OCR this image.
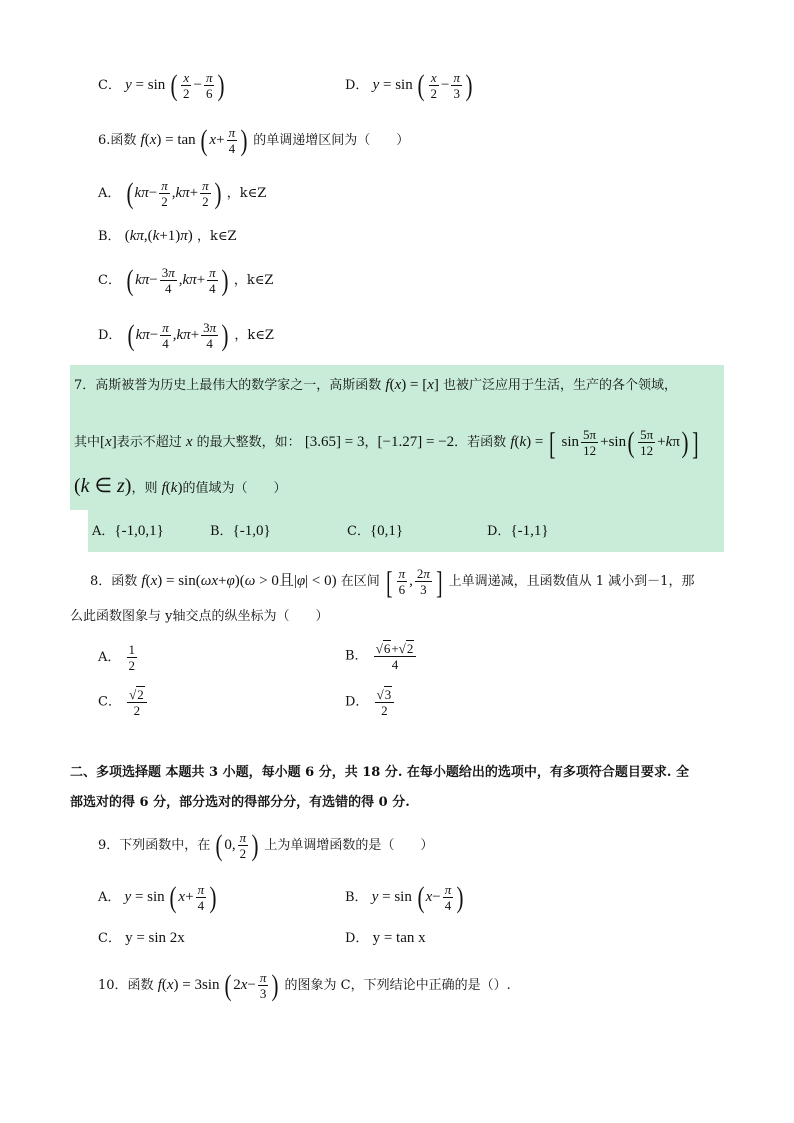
C． y = sin ( $\frac{x}{2} - \frac{\pi}{6}$ )	D． y = sin ( $\frac{x}{2} - \frac{\pi}{3}$ )
6.函数 f(x) = tan ( $x+ \frac{\pi}{4}$ ) 的单调递增区间为（　　）
A． ( $k\pi- \frac{\pi}{2} ,k\pi+ \frac{\pi}{2}$ ) ，k∈Z
B． (kπ,(k+1)π) ，k∈Z
C． ( $k\pi- \frac{3\pi}{4} ,k\pi+ \frac{\pi}{4}$ ) ，k∈Z
D． ( $k\pi- \frac{\pi}{4} ,k\pi+ \frac{3\pi}{4}$ ) ，k∈Z
7．高斯被誉为历史上最伟大的数学家之一，高斯函数 f(x) = [x] 也被广泛应用于生活，生产的各个领域，
其中[x]表示不超过 x 的最大整数，如： [3.65] = 3，[−1.27] = −2．若函数 f(k) = [ $\sin \frac{5\pi}{12} +\sin( \frac{5\pi}{12} +k\pi)$ ]
(k ∈ z)，则 f(k)的值域为（　　）
A．{-1,0,1}	B．{-1,0}	C．{0,1}	D．{-1,1}
8．函数 f(x) = sin(ωx+φ)(ω > 0且|φ| < 0) 在区间 [ $\frac{\pi}{6}$ , $\frac{2\pi}{3}$ ] 上单调递减，且函数值从 1 减小到－1，那
么此函数图象与 y轴交点的纵坐标为（　　）
A． $\frac{1}{2}$	B． $\frac{√6+√2}{4}$
C． $\frac{√2}{2}$	D． $\frac{√3}{2}$
二、多项选择题 本题共 3 小题，每小题 6 分，共 18 分. 在每小题给出的选项中，有多项符合题目要求. 全
部选对的得 6 分，部分选对的得部分分，有选错的得 0 分.
9．下列函数中，在 ( 0, $\frac{\pi}{2}$ ) 上为单调增函数的是（　　）
A． y = sin ( $x+ \frac{\pi}{4}$ )	B． y = sin ( $x- \frac{\pi}{4}$ )
C． y = sin 2x	D． y = tan x
10．函数 f(x) = 3sin ( $2x- \frac{\pi}{3}$ ) 的图象为 C，下列结论中正确的是（）.
